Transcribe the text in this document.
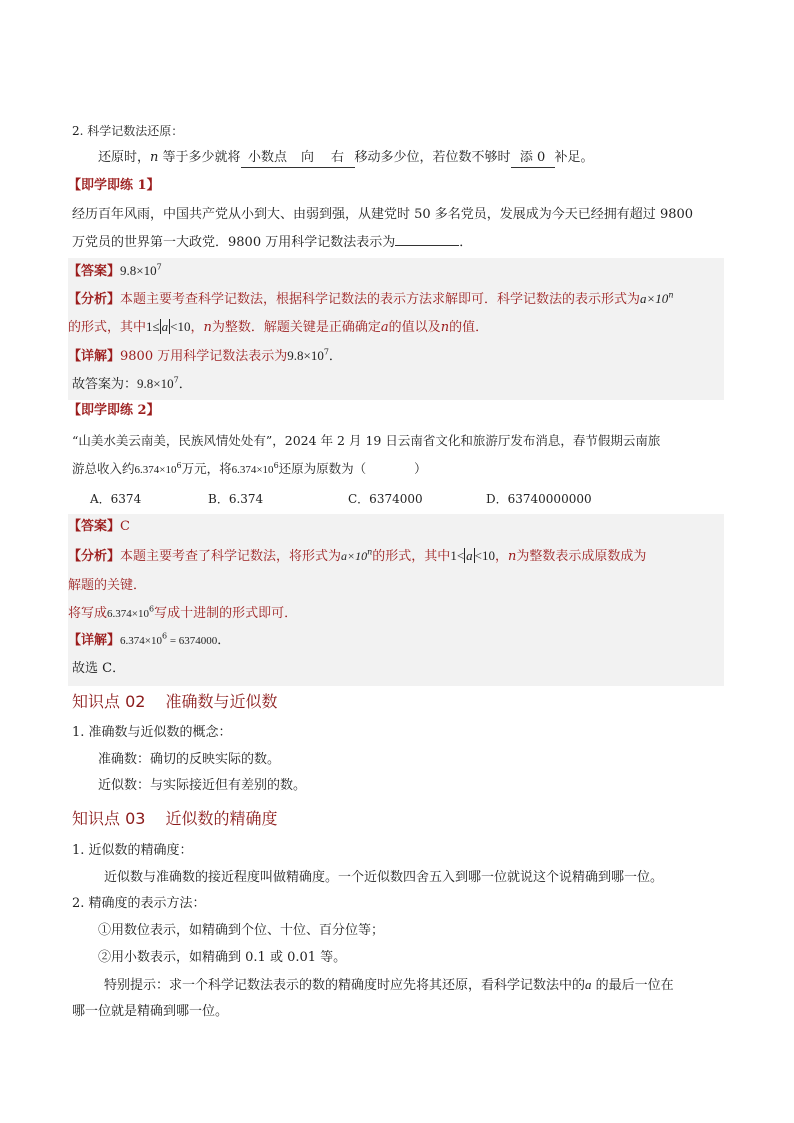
2. 科学记数法还原：
还原时，n 等于多少就将 小数点 向 右 移动多少位，若位数不够时 添 0 补足。
【即学即练 1】
经历百年风雨，中国共产党从小到大、由弱到强，从建党时 50 多名党员，发展成为今天已经拥有超过 9800
万党员的世界第一大政党．9800 万用科学记数法表示为	．
【答案】$9.8\times 10^7$
【分析】本题主要考查科学记数法，根据科学记数法的表示方法求解即可．科学记数法的表示形式为$a\times 10^n$
的形式，其中1≤ a <10，n为整数．解题关键是正确确定a的值以及n的值．
【详解】9800 万用科学记数法表示为$9.8\times 10^7$．
故答案为：$9.8\times 10^7$．
【即学即练 2】
“山美水美云南美，民族风情处处有”，2024 年 2 月 19 日云南省文化和旅游厅发布消息，春节假期云南旅
游总收入约$6.374\times 10^6$万元，将$6.374\times 10^6$还原为原数为（	）
A．6374	B．6.374	C．6374000	D．63740000000
【答案】C
【分析】本题主要考查了科学记数法，将形式为$a\times 10^n$的形式，其中1< a <10，n为整数表示成原数成为
解题的关键．
将写成$6.374\times 10^6$写成十进制的形式即可．
【详解】$6.374\times 10^6 = 6374000$．
故选 C．
知识点 02 准确数与近似数
1. 准确数与近似数的概念：
准确数：确切的反映实际的数。
近似数：与实际接近但有差别的数。
知识点 03 近似数的精确度
1. 近似数的精确度：
近似数与准确数的接近程度叫做精确度。一个近似数四舍五入到哪一位就说这个说精确到哪一位。
2. 精确度的表示方法：
①用数位表示，如精确到个位、十位、百分位等；
②用小数表示，如精确到 0.1 或 0.01 等。
特别提示：求一个科学记数法表示的数的精确度时应先将其还原，看科学记数法中的a 的最后一位在
哪一位就是精确到哪一位。
